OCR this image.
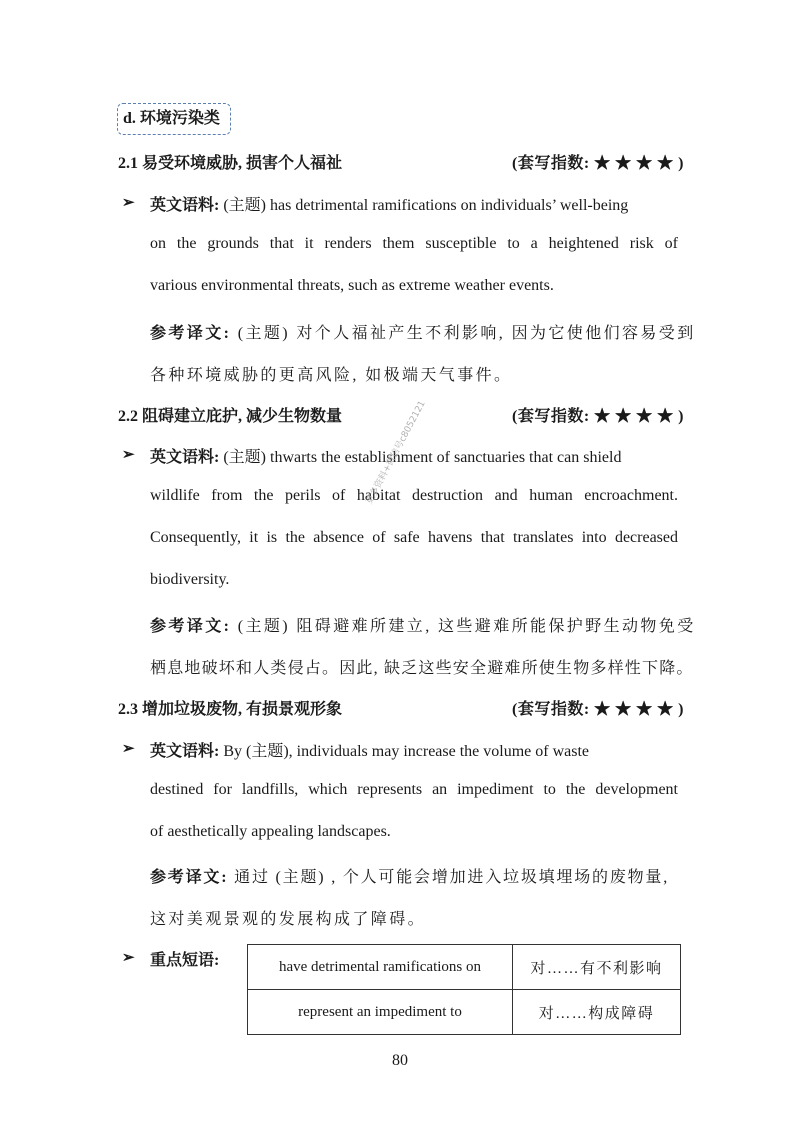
d. 环境污染类
2.1 易受环境威胁, 损害个人福祉	(套写指数: ★ ★ ★ ★ )
➢ 英文语料: (主题) has detrimental ramifications on individuals’ well-being
on the grounds that it renders them susceptible to a heightened risk of
various environmental threats, such as extreme weather events.
参考译文: (主题) 对个人福祉产生不利影响, 因为它使他们容易受到
各种环境威胁的更高风险, 如极端天气事件。
2.2 阻碍建立庇护, 减少生物数量	(套写指数: ★ ★ ★ ★ )
➢ 英文语料: (主题) thwarts the establishment of sanctuaries that can shield
wildlife from the perils of habitat destruction and human encroachment.
Consequently, it is the absence of safe havens that translates into decreased
biodiversity.
参考译文: (主题) 阻碍避难所建立, 这些避难所能保护野生动物免受
栖息地破坏和人类侵占。因此, 缺乏这些安全避难所使生物多样性下降。
2.3 增加垃圾废物, 有损景观形象	(套写指数: ★ ★ ★ ★ )
➢ 英文语料: By (主题), individuals may increase the volume of waste
destined for landfills, which represents an impediment to the development
of aesthetically appealing landscapes.
参考译文: 通过 (主题) , 个人可能会增加进入垃圾填埋场的废物量,
这对美观景观的发展构成了障碍。
➢ 重点短语:	have detrimental ramifications on	对……有不利影响
represent an impediment to	对……构成障碍
更多资料+微信号c8052121
80
